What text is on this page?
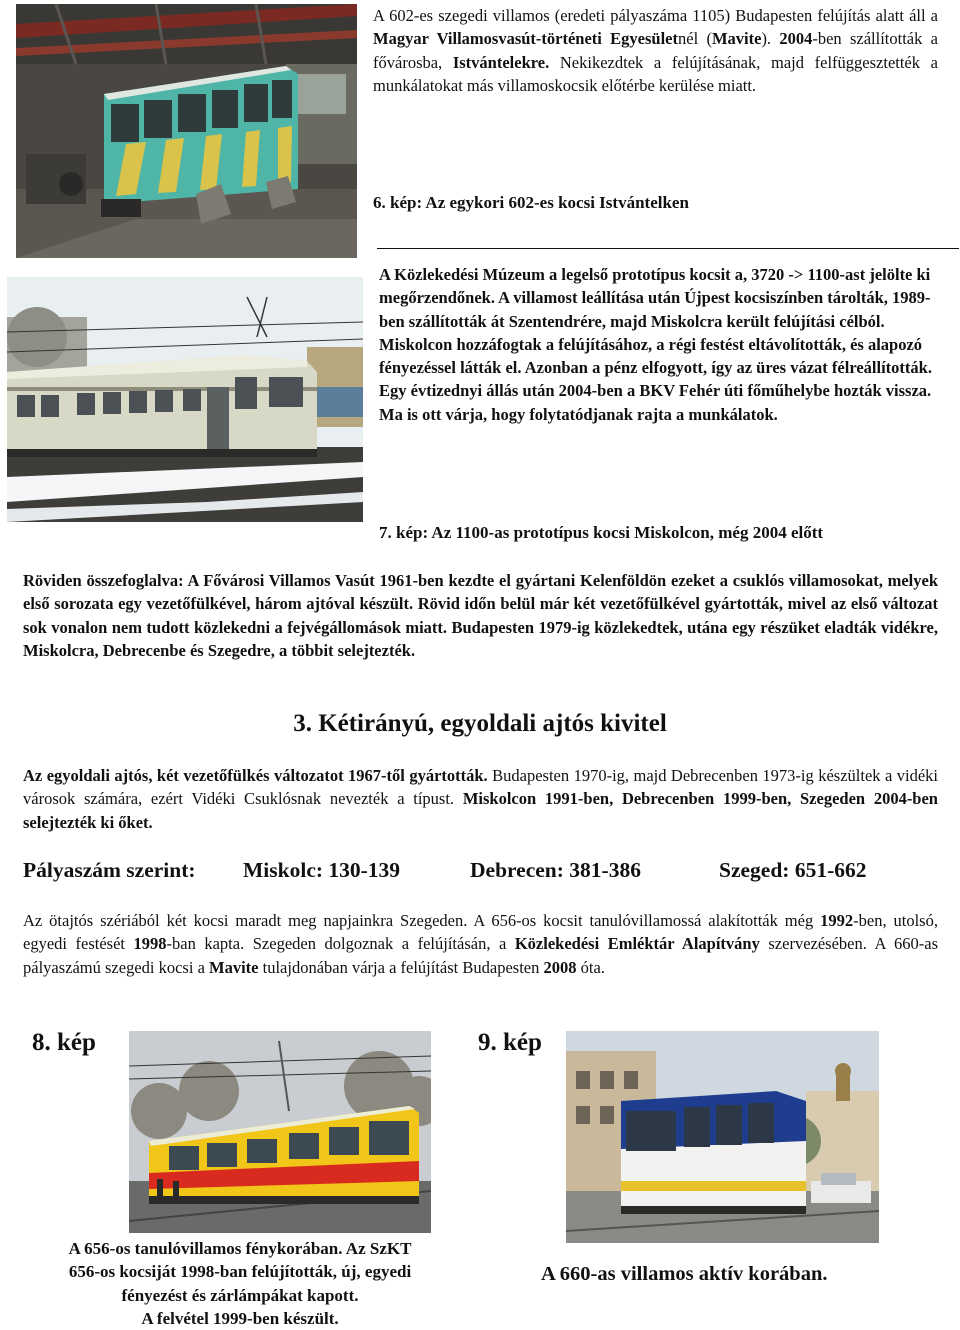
A 602-es szegedi villamos (eredeti pályaszáma 1105) Budapesten felújítás alatt áll a Magyar Villamosvasút-történeti Egyesületnél (Mavite). 2004-ben szállították a fővárosba, Istvántelekre. Nekikezdtek a felújításának, majd felfüggesztették a munkálatokat más villamoskocsik előtérbe kerülése miatt.
6. kép: Az egykori 602-es kocsi Istvántelken
A Közlekedési Múzeum a legelső prototípus kocsit a, 3720 -> 1100-ast jelölte ki megőrzendőnek. A villamost leállítása után Újpest kocsiszínben tárolták, 1989-ben szállították át Szentendrére, majd Miskolcra került felújítási célból. Miskolcon hozzáfogtak a felújításához, a régi festést eltávolították, és alapozó fényezéssel látták el. Azonban a pénz elfogyott, így az üres vázat félreállították. Egy évtizednyi állás után 2004-ben a BKV Fehér úti főműhelybe hozták vissza. Ma is ott várja, hogy folytatódjanak rajta a munkálatok.
7. kép: Az 1100-as prototípus kocsi Miskolcon, még 2004 előtt
Röviden összefoglalva: A Fővárosi Villamos Vasút 1961-ben kezdte el gyártani Kelenföldön ezeket a csuklós villamosokat, melyek első sorozata egy vezetőfülkével, három ajtóval készült. Rövid időn belül már két vezetőfülkével gyártották, mivel az első változat sok vonalon nem tudott közlekedni a fejvégállomások miatt. Budapesten 1979-ig közlekedtek, utána egy részüket eladták vidékre, Miskolcra, Debrecenbe és Szegedre, a többit selejtezték.
3. Kétirányú, egyoldali ajtós kivitel
Az egyoldali ajtós, két vezetőfülkés változatot 1967-től gyártották. Budapesten 1970-ig, majd Debrecenben 1973-ig készültek a vidéki városok számára, ezért Vidéki Csuklósnak nevezték a típust. Miskolcon 1991-ben, Debrecenben 1999-ben, Szegeden 2004-ben selejtezték ki őket.
Pályaszám szerint: Miskolc: 130-139	Debrecen: 381-386	Szeged: 651-662
Az ötajtós szériából két kocsi maradt meg napjainkra Szegeden. A 656-os kocsit tanulóvillamossá alakították még 1992-ben, utolsó, egyedi festését 1998-ban kapta. Szegeden dolgoznak a felújításán, a Közlekedési Emléktár Alapítvány szervezésében. A 660-as pályaszámú szegedi kocsi a Mavite tulajdonában várja a felújítást Budapesten 2008 óta.
8. kép	9. kép
A 656-os tanulóvillamos fénykorában. Az SzKT
656-os kocsiját 1998-ban felújították, új, egyedi
fényezést és zárlámpákat kapott.
A felvétel 1999-ben készült.
A 660-as villamos aktív korában.
